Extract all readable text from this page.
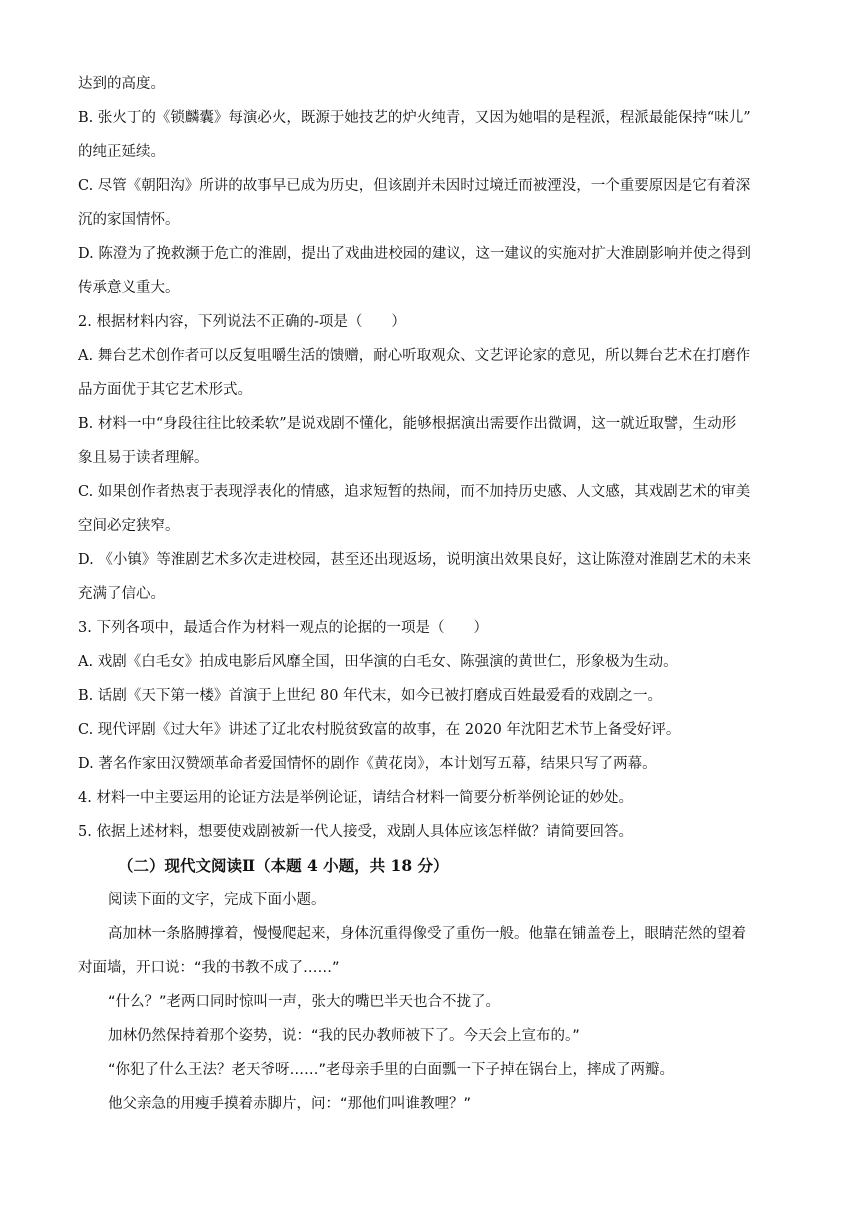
达到的高度。
B. 张火丁的《锁麟囊》每演必火，既源于她技艺的炉火纯青，又因为她唱的是程派，程派最能保持“味儿”
的纯正延续。
C. 尽管《朝阳沟》所讲的故事早已成为历史，但该剧并未因时过境迁而被湮没，一个重要原因是它有着深
沉的家国情怀。
D. 陈澄为了挽救濒于危亡的淮剧，提出了戏曲进校园的建议，这一建议的实施对扩大淮剧影响并使之得到
传承意义重大。
2. 根据材料内容，下列说法不正确的-项是（　　）
A. 舞台艺术创作者可以反复咀嚼生活的馈赠，耐心听取观众、文艺评论家的意见，所以舞台艺术在打磨作
品方面优于其它艺术形式。
B. 材料一中“身段往往比较柔软”是说戏剧不懂化，能够根据演出需要作出微调，这一就近取譬，生动形
象且易于读者理解。
C. 如果创作者热衷于表现浮表化的情感，追求短暂的热闹，而不加持历史感、人文感，其戏剧艺术的审美
空间必定狭窄。
D. 《小镇》等淮剧艺术多次走进校园，甚至还出现返场，说明演出效果良好，这让陈澄对淮剧艺术的未来
充满了信心。
3. 下列各项中，最适合作为材料一观点的论据的一项是（　　）
A. 戏剧《白毛女》拍成电影后风靡全国，田华演的白毛女、陈强演的黄世仁，形象极为生动。
B. 话剧《天下第一楼》首演于上世纪 80 年代末，如今已被打磨成百姓最爱看的戏剧之一。
C. 现代评剧《过大年》讲述了辽北农村脱贫致富的故事，在 2020 年沈阳艺术节上备受好评。
D. 著名作家田汉赞颂革命者爱国情怀的剧作《黄花岗》，本计划写五幕，结果只写了两幕。
4. 材料一中主要运用的论证方法是举例论证，请结合材料一简要分析举例论证的妙处。
5. 依据上述材料，想要使戏剧被新一代人接受，戏剧人具体应该怎样做？请简要回答。
（二）现代文阅读Ⅱ（本题 4 小题，共 18 分）
阅读下面的文字，完成下面小题。
高加林一条胳膊撑着，慢慢爬起来，身体沉重得像受了重伤一般。他靠在铺盖卷上，眼睛茫然的望着
对面墙，开口说：“我的书教不成了……”
“什么？”老两口同时惊叫一声，张大的嘴巴半天也合不拢了。
加林仍然保持着那个姿势，说：“我的民办教师被下了。今天会上宣布的。”
“你犯了什么王法？老天爷呀……”老母亲手里的白面瓢一下子掉在锅台上，摔成了两瓣。
他父亲急的用瘦手摸着赤脚片，问：“那他们叫谁教哩？”
